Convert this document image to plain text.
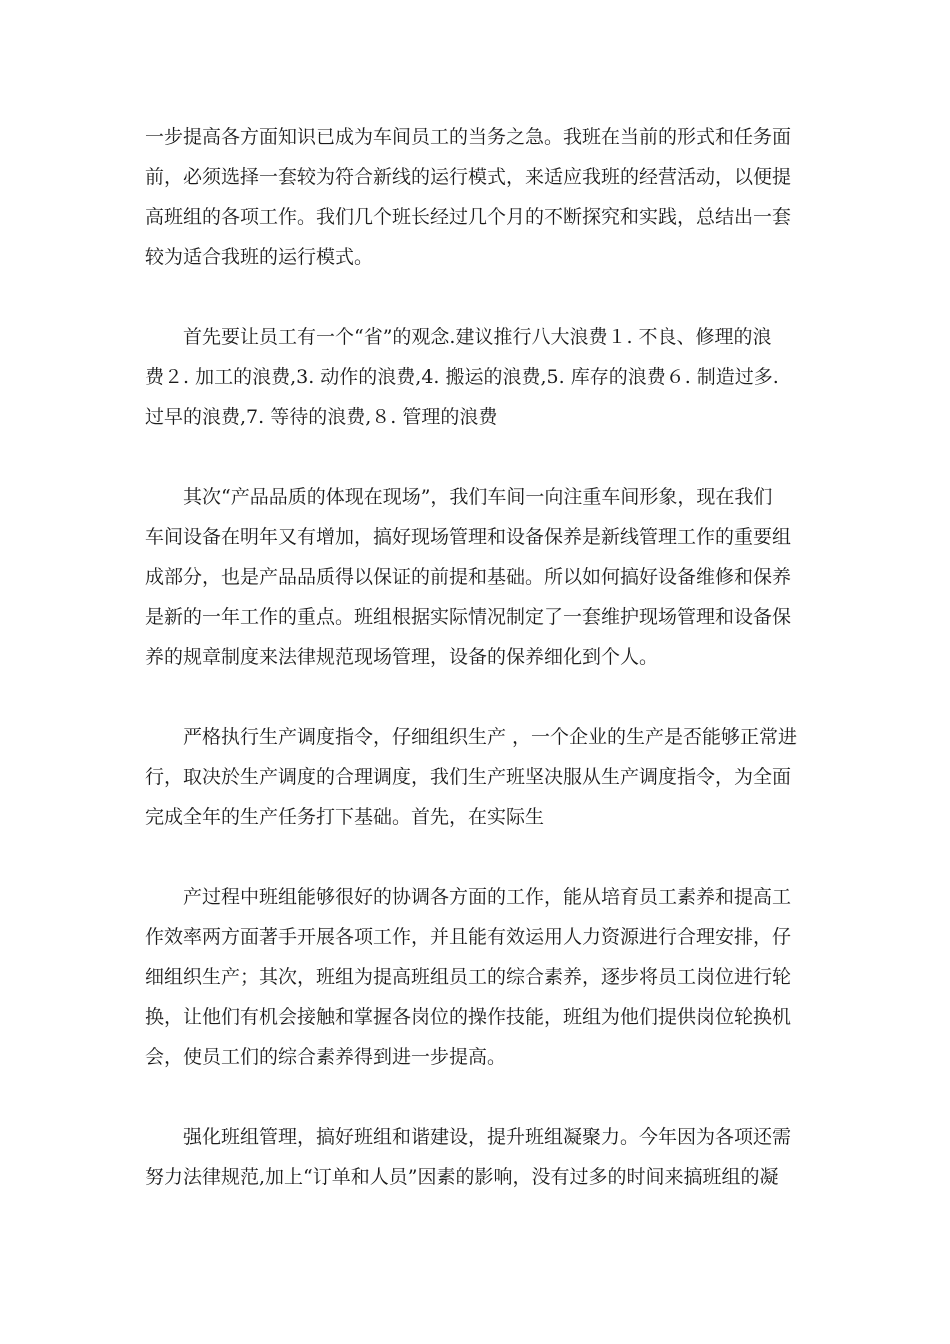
一步提高各方面知识已成为车间员工的当务之急。我班在当前的形式和任务面
前，必须选择一套较为符合新线的运行模式，来适应我班的经营活动，以便提
高班组的各项工作。我们几个班长经过几个月的不断探究和实践，总结出一套
较为适合我班的运行模式。
首先要让员工有一个“省”的观念.建议推行八大浪费１. 不良、修理的浪
费２. 加工的浪费,3. 动作的浪费,4. 搬运的浪费,5. 库存的浪费６. 制造过多.
过早的浪费,7. 等待的浪费,８. 管理的浪费
其次“产品品质的体现在现场”，我们车间一向注重车间形象，现在我们
车间设备在明年又有增加，搞好现场管理和设备保养是新线管理工作的重要组
成部分，也是产品品质得以保证的前提和基础。所以如何搞好设备维修和保养
是新的一年工作的重点。班组根据实际情况制定了一套维护现场管理和设备保
养的规章制度来法律规范现场管理，设备的保养细化到个人。
严格执行生产调度指令，仔细组织生产 ，一个企业的生产是否能够正常进
行，取决於生产调度的合理调度，我们生产班坚决服从生产调度指令，为全面
完成全年的生产任务打下基础。首先，在实际生
产过程中班组能够很好的协调各方面的工作，能从培育员工素养和提高工
作效率两方面著手开展各项工作，并且能有效运用人力资源进行合理安排，仔
细组织生产；其次，班组为提高班组员工的综合素养，逐步将员工岗位进行轮
换，让他们有机会接触和掌握各岗位的操作技能，班组为他们提供岗位轮换机
会，使员工们的综合素养得到进一步提高。
强化班组管理，搞好班组和谐建设，提升班组凝聚力。今年因为各项还需
努力法律规范,加上“订单和人员”因素的影响，没有过多的时间来搞班组的凝
